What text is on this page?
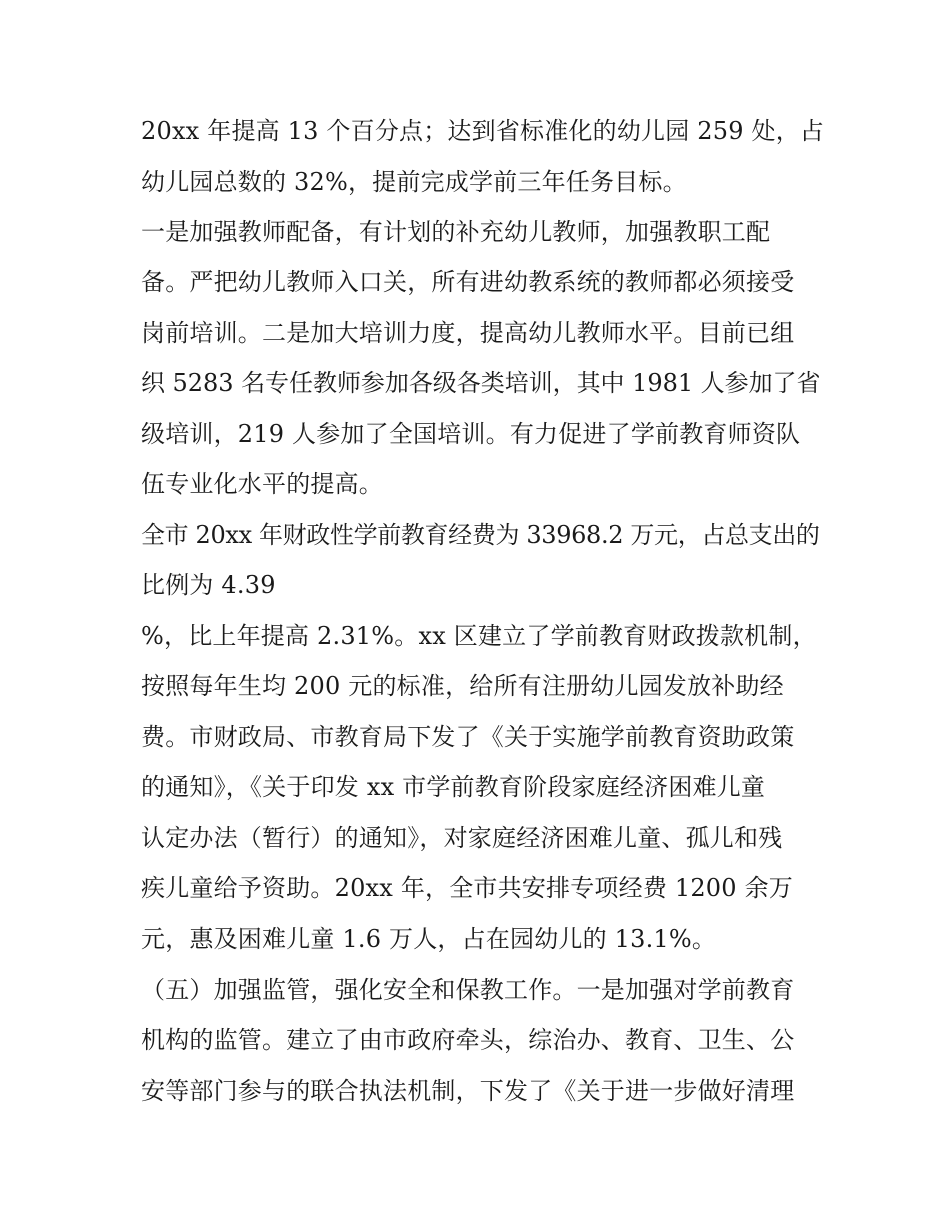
20xx 年提高 13 个百分点；达到省标准化的幼儿园 259 处，占
幼儿园总数的 32%，提前完成学前三年任务目标。
一是加强教师配备，有计划的补充幼儿教师，加强教职工配
备。严把幼儿教师入口关，所有进幼教系统的教师都必须接受
岗前培训。二是加大培训力度，提高幼儿教师水平。目前已组
织 5283 名专任教师参加各级各类培训，其中 1981 人参加了省
级培训，219 人参加了全国培训。有力促进了学前教育师资队
伍专业化水平的提高。
全市 20xx 年财政性学前教育经费为 33968.2 万元，占总支出的
比例为 4.39
%，比上年提高 2.31%。xx 区建立了学前教育财政拨款机制，
按照每年生均 200 元的标准，给所有注册幼儿园发放补助经
费。市财政局、市教育局下发了《关于实施学前教育资助政策
的通知》，《关于印发 xx 市学前教育阶段家庭经济困难儿童
认定办法（暂行）的通知》，对家庭经济困难儿童、孤儿和残
疾儿童给予资助。20xx 年，全市共安排专项经费 1200 余万
元，惠及困难儿童 1.6 万人，占在园幼儿的 13.1%。
（五）加强监管，强化安全和保教工作。一是加强对学前教育
机构的监管。建立了由市政府牵头，综治办、教育、卫生、公
安等部门参与的联合执法机制，下发了《关于进一步做好清理
